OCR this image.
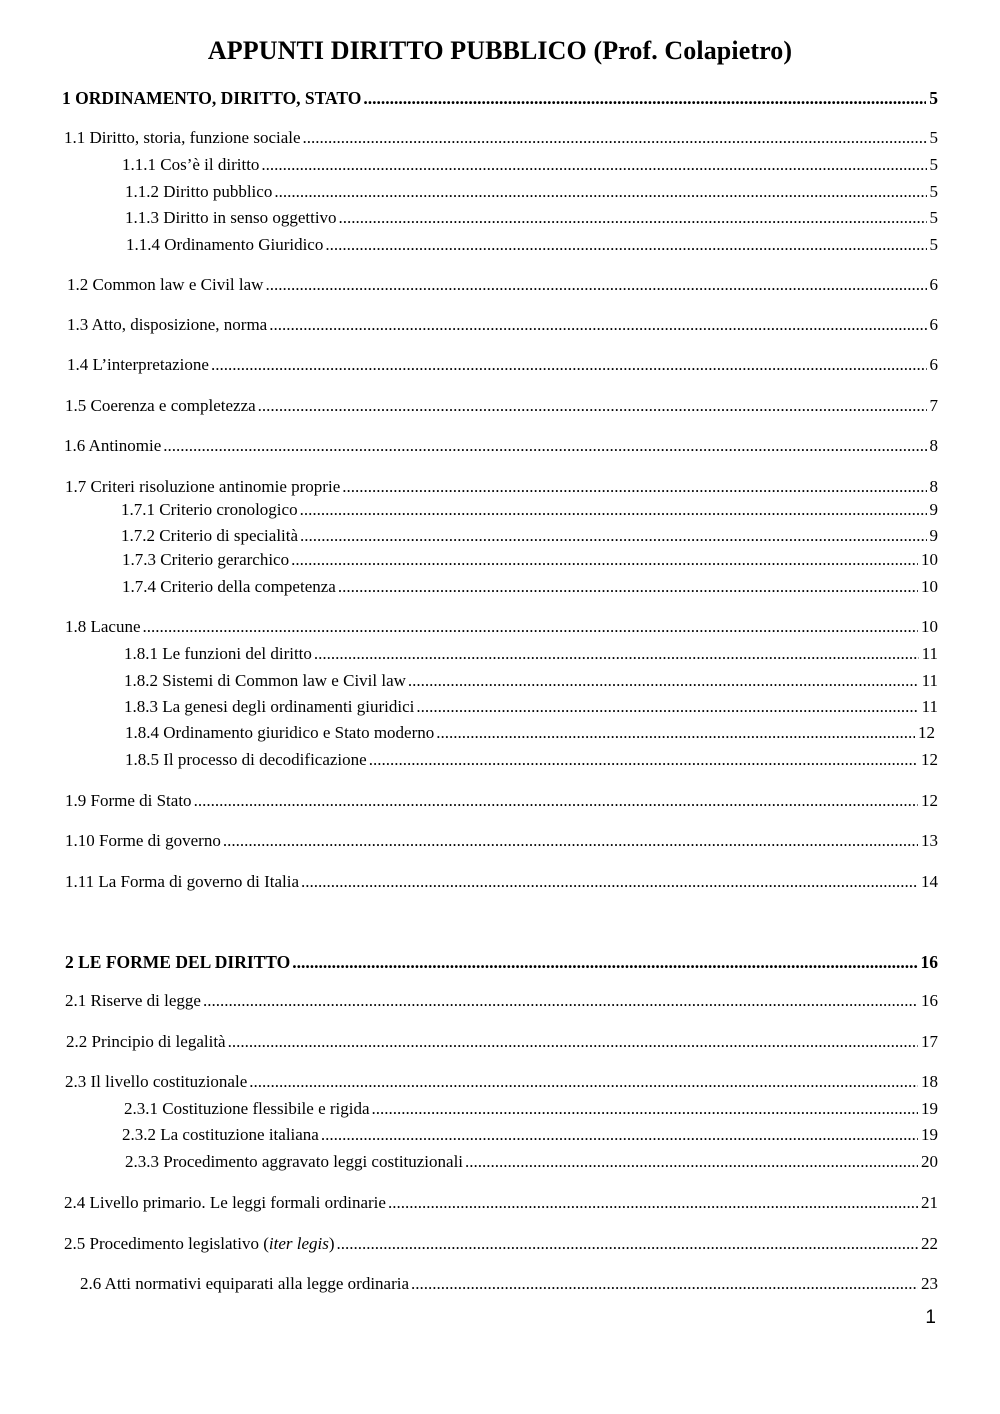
APPUNTI DIRITTO PUBBLICO (Prof. Colapietro)
1 ORDINAMENTO, DIRITTO, STATO .....	5
1.1 Diritto, storia, funzione sociale .....	5
1.1.1 Cos’è il diritto .....	5
1.1.2 Diritto pubblico .....	5
1.1.3 Diritto in senso oggettivo .....	5
1.1.4 Ordinamento Giuridico .....	5
1.2 Common law e Civil law .....	6
1.3 Atto, disposizione, norma .....	6
1.4 L’interpretazione .....	6
1.5 Coerenza e completezza .....	7
1.6 Antinomie .....	8
1.7 Criteri risoluzione antinomie proprie .....	8
1.7.1 Criterio cronologico .....	9
1.7.2 Criterio di specialità .....	9
1.7.3 Criterio gerarchico .....	10
1.7.4 Criterio della competenza .....	10
1.8 Lacune .....	10
1.8.1 Le funzioni del diritto .....	11
1.8.2 Sistemi di Common law e Civil law .....	11
1.8.3 La genesi degli ordinamenti giuridici .....	11
1.8.4 Ordinamento giuridico e Stato moderno .....	12
1.8.5 Il processo di decodificazione .....	12
1.9 Forme di Stato .....	12
1.10 Forme di governo .....	13
1.11 La Forma di governo di Italia .....	14
2 LE FORME DEL DIRITTO .....	16
2.1 Riserve di legge .....	16
2.2 Principio di legalità .....	17
2.3 Il livello costituzionale .....	18
2.3.1 Costituzione flessibile e rigida .....	19
2.3.2 La costituzione italiana .....	19
2.3.3 Procedimento aggravato leggi costituzionali .....	20
2.4 Livello primario. Le leggi formali ordinarie .....	21
2.5 Procedimento legislativo (iter legis) .....	22
2.6 Atti normativi equiparati alla legge ordinaria .....	23
1
